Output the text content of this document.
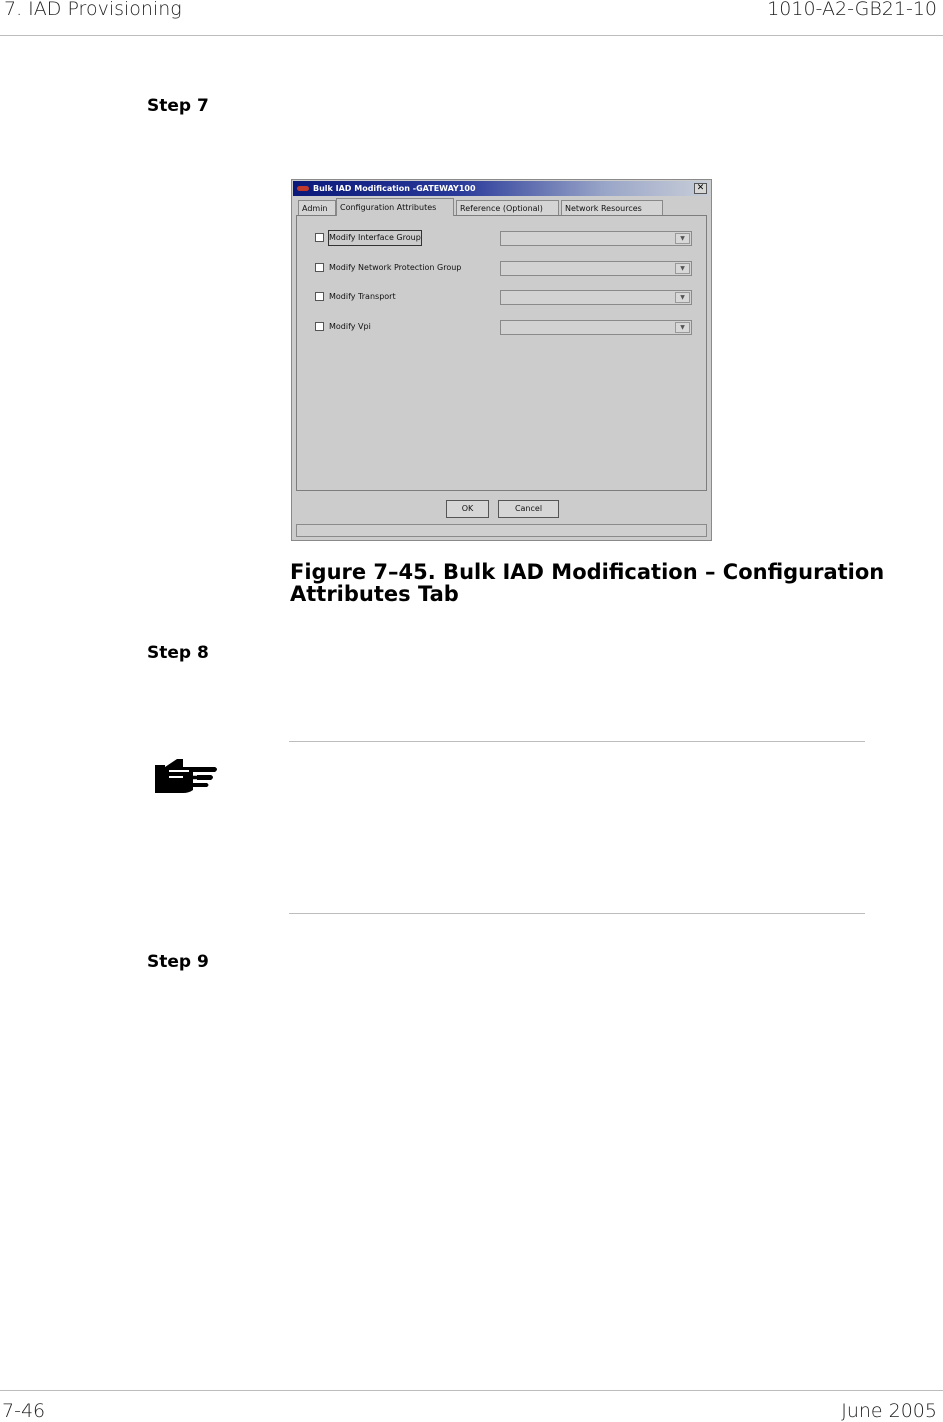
7. IAD Provisioning	1010-A2-GB21-10
Step 7
Bulk IAD Modification -GATEWAY100	✕
Admin	Configuration Attributes	Reference (Optional)	Network Resources
Modify Interface Group	▼
Modify Network Protection Group	▼
Modify Transport	▼
Modify Vpi	▼
OK	Cancel
Figure 7–45. Bulk IAD Modification – Configuration Attributes Tab
Step 8
Step 9
7-46	June 2005
